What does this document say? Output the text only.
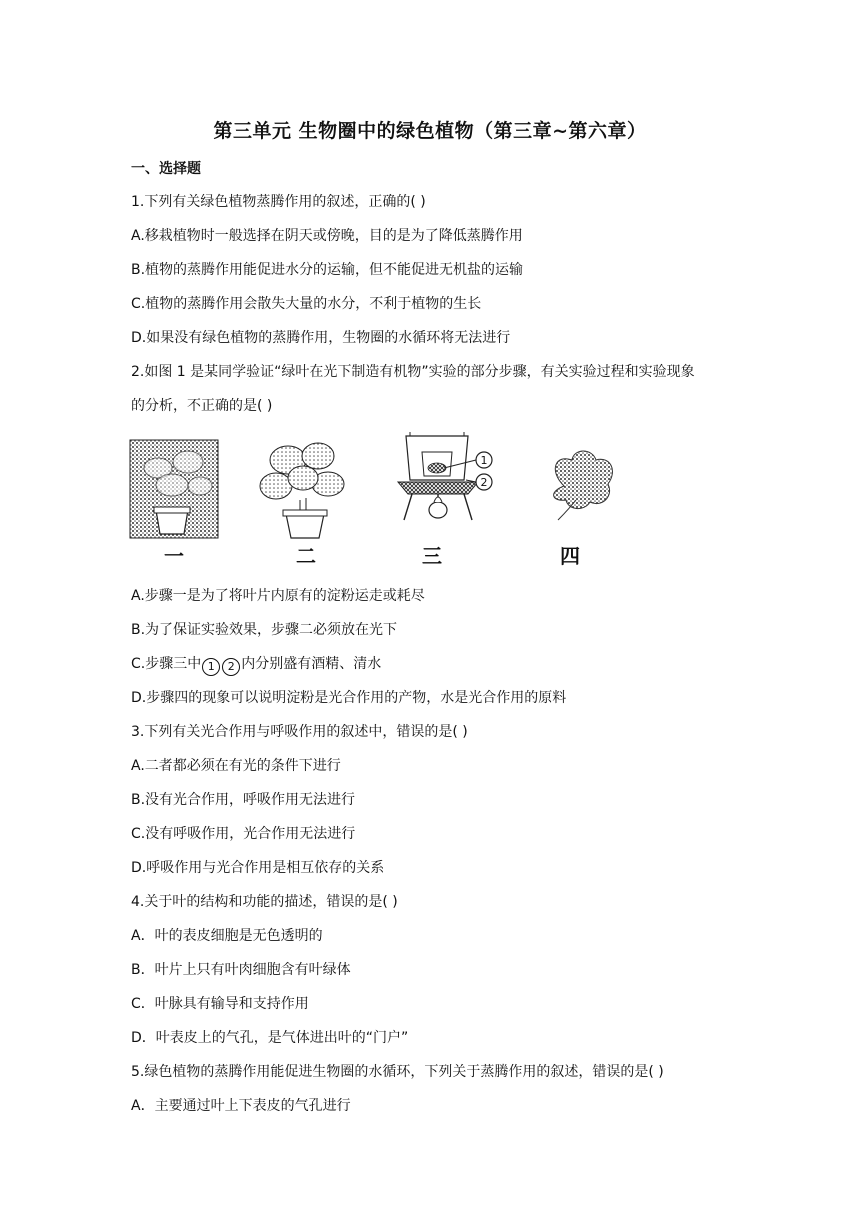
第三单元 生物圈中的绿色植物（第三章~第六章）
一、选择题
1.下列有关绿色植物蒸腾作用的叙述，正确的( )
A.移栽植物时一般选择在阴天或傍晚，目的是为了降低蒸腾作用
B.植物的蒸腾作用能促进水分的运输，但不能促进无机盐的运输
C.植物的蒸腾作用会散失大量的水分，不利于植物的生长
D.如果没有绿色植物的蒸腾作用，生物圈的水循环将无法进行
2.如图 1 是某同学验证“绿叶在光下制造有机物”实验的部分步骤，有关实验过程和实验现象
的分析，不正确的是( )
1
2
一	二	三	四
A.步骤一是为了将叶片内原有的淀粉运走或耗尽
B.为了保证实验效果，步骤二必须放在光下
C.步骤三中 1 2 内分别盛有酒精、清水
D.步骤四的现象可以说明淀粉是光合作用的产物，水是光合作用的原料
3.下列有关光合作用与呼吸作用的叙述中，错误的是( )
A.二者都必须在有光的条件下进行
B.没有光合作用，呼吸作用无法进行
C.没有呼吸作用，光合作用无法进行
D.呼吸作用与光合作用是相互依存的关系
4.关于叶的结构和功能的描述，错误的是( )
A．叶的表皮细胞是无色透明的
B．叶片上只有叶肉细胞含有叶绿体
C．叶脉具有输导和支持作用
D．叶表皮上的气孔，是气体进出叶的“门户”
5.绿色植物的蒸腾作用能促进生物圈的水循环，下列关于蒸腾作用的叙述，错误的是( )
A．主要通过叶上下表皮的气孔进行
